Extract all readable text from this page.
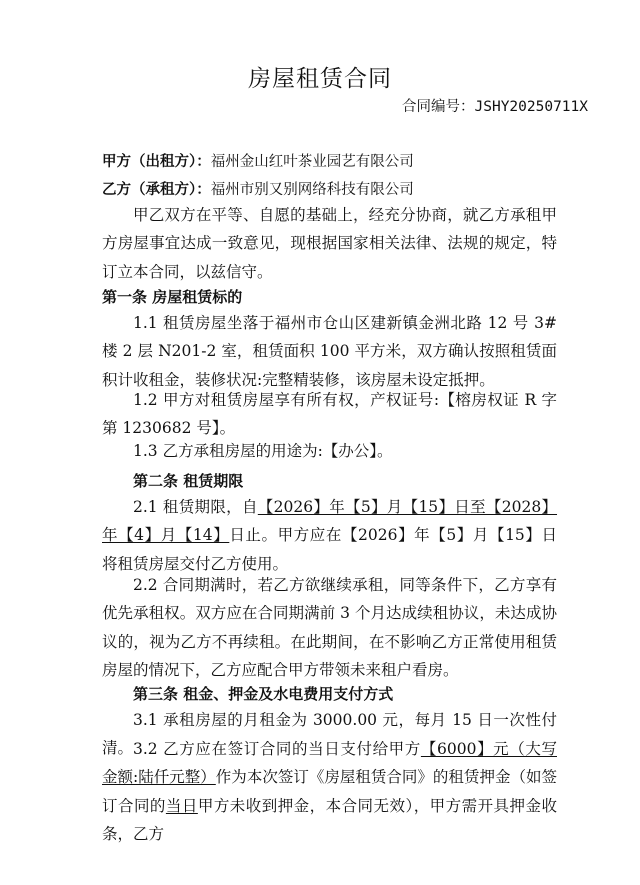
房屋租赁合同

合同编号：JSHY20250711X

甲方（出租方）：福州金山红叶茶业园艺有限公司

乙方（承租方）：福州市别又别网络科技有限公司

甲乙双方在平等、自愿的基础上，经充分协商，就乙方承租甲方房屋事宜达成一致意见，现根据国家相关法律、法规的规定，特订立本合同，以兹信守。

第一条 房屋租赁标的

1.1 租赁房屋坐落于福州市仓山区建新镇金洲北路 12 号 3#楼 2 层 N201-2 室，租赁面积 100 平方米，双方确认按照租赁面积计收租金，装修状况:完整精装修，该房屋未设定抵押。

1.2 甲方对租赁房屋享有所有权，产权证号:【榕房权证 R 字第 1230682 号】。

1.3 乙方承租房屋的用途为:【办公】。

第二条 租赁期限

2.1 租赁期限，自【2026】年【5】月【15】日至【2028】年【4】月【14】日止。甲方应在【2026】年【5】月【15】日将租赁房屋交付乙方使用。

2.2 合同期满时，若乙方欲继续承租，同等条件下，乙方享有优先承租权。双方应在合同期满前 3 个月达成续租协议，未达成协议的，视为乙方不再续租。在此期间，在不影响乙方正常使用租赁房屋的情况下，乙方应配合甲方带领未来租户看房。

第三条 租金、押金及水电费用支付方式

3.1 承租房屋的月租金为 3000.00 元，每月 15 日一次性付清。 3.2 乙方应在签订合同的当日支付给甲方【6000】元（大写金额:陆仟元整）作为本次签订《房屋租赁合同》的租赁押金（如签订合同的当日甲方未收到押金，本合同无效），甲方需开具押金收条，乙方
